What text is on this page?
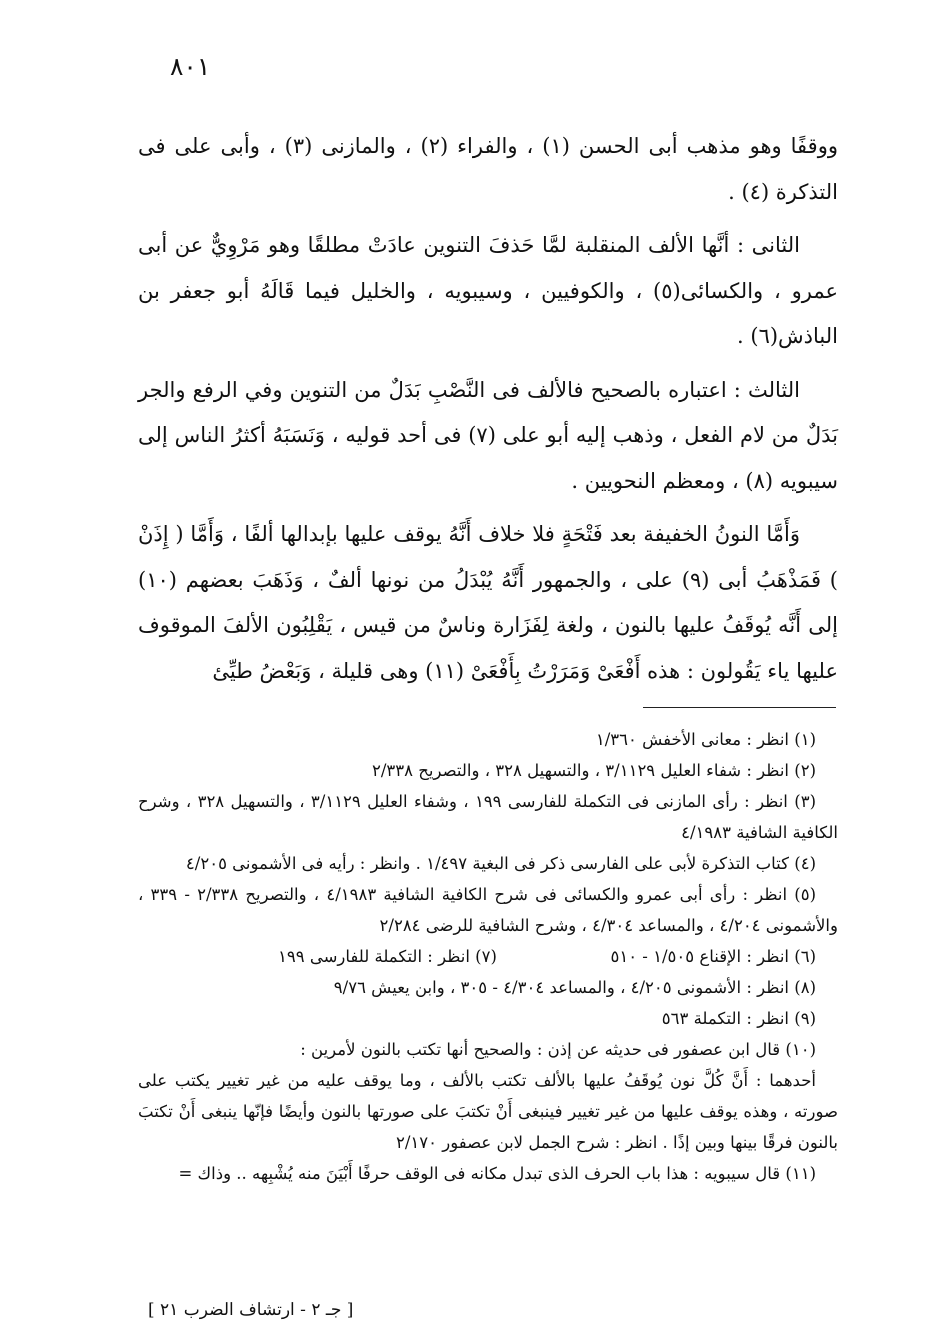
٨٠١

ووقفًا وهو مذهب أبى الحسن (١) ، والفراء (٢) ، والمازنى (٣) ، وأبى على فى التذكرة (٤) .

الثانى : أنَّها الألف المنقلبة لمَّا حَذفَ التنوين عادَتْ مطلقًا وهو مَرْوِيٌّ عن أبى عمرو ، والكسائى(٥) ، والكوفيين ، وسيبويه ، والخليل فيما قَالَهُ أبو جعفر بن الباذش(٦) .

الثالث : اعتباره بالصحيح فالألف فى النَّصْبِ بَدَلٌ من التنوين وفي الرفع والجر بَدَلٌ من لام الفعل ، وذهب إليه أبو على (٧) فى أحد قوليه ، وَنَسَبَهُ أكثرُ الناس إلى سيبويه (٨) ، ومعظم النحويين .

وَأَمَّا النونُ الخفيفة بعد فَتْحَةٍ فلا خلاف أَنَّهُ يوقف عليها بإبدالها ألفًا ، وَأَمَّا ( إِذَنْ ) فَمَذْهَبُ أبى (٩) على ، والجمهور أَنَّهُ يُبْدَلُ من نونها ألفٌ ، وَذَهَبَ بعضهم (١٠) إلى أَنَّه يُوقَفُ عليها بالنون ، ولغة لِفَزَارة وناسٌ من قيس ، يَقْلِبُون الألفَ الموقوف عليها ياء يَقُولون : هذه أَفْعَىْ وَمَرَرْتُ بِأَفْعَىْ (١١) وهى قليلة ، وَبَعْضُ طيِّئ

(١) انظر : معانى الأخفش ١/٣٦٠

(٢) انظر : شفاء العليل ٣/١١٢٩ ، والتسهيل ٣٢٨ ، والتصريح ٢/٣٣٨

(٣) انظر : رأى المازنى فى التكملة للفارسى ١٩٩ ، وشفاء العليل ٣/١١٢٩ ، والتسهيل ٣٢٨ ، وشرح الكافية الشافية ٤/١٩٨٣

(٤) كتاب التذكرة لأبى على الفارسى ذكر فى البغية ١/٤٩٧ . وانظر : رأيه فى الأشمونى ٤/٢٠٥

(٥) انظر : رأى أبى عمرو والكسائى فى شرح الكافية الشافية ٤/١٩٨٣ ، والتصريح ٢/٣٣٨ - ٣٣٩ ، والأشمونى ٤/٢٠٤ ، والمساعد ٤/٣٠٤ ، وشرح الشافية للرضى ٢/٢٨٤

(٦) انظر : الإقناع ١/٥٠٥ - ٥١٠
(٧) انظر : التكملة للفارسى ١٩٩

(٨) انظر : الأشمونى ٤/٢٠٥ ، والمساعد ٤/٣٠٤ - ٣٠٥ ، وابن يعيش ٩/٧٦

(٩) انظر : التكملة ٥٦٣

(١٠) قال ابن عصفور فى حديثه عن إذن : والصحيح أنها تكتب بالنون لأمرين :

أحدهما : أَنَّ كُلَّ نون يُوقَفُ عليها بالألف تكتب بالألف ، وما يوقف عليه من غير تغيير يكتب على صورته ، وهذه يوقف عليها من غير تغيير فينبغى أَنْ تكتبَ على صورتها بالنون وأيضًا فإنّها ينبغى أَنْ تكتبَ بالنون فرقًا بينها وبين إذًا . انظر : شرح الجمل لابن عصفور ٢/١٧٠

(١١) قال سيبويه : هذا باب الحرف الذى تبدل مكانه فى الوقف حرفًا أَبْيَنَ منه يُشْبِهه .. وذاك =

[ جـ ٢ - ارتشاف الضرب ٢١ ]
